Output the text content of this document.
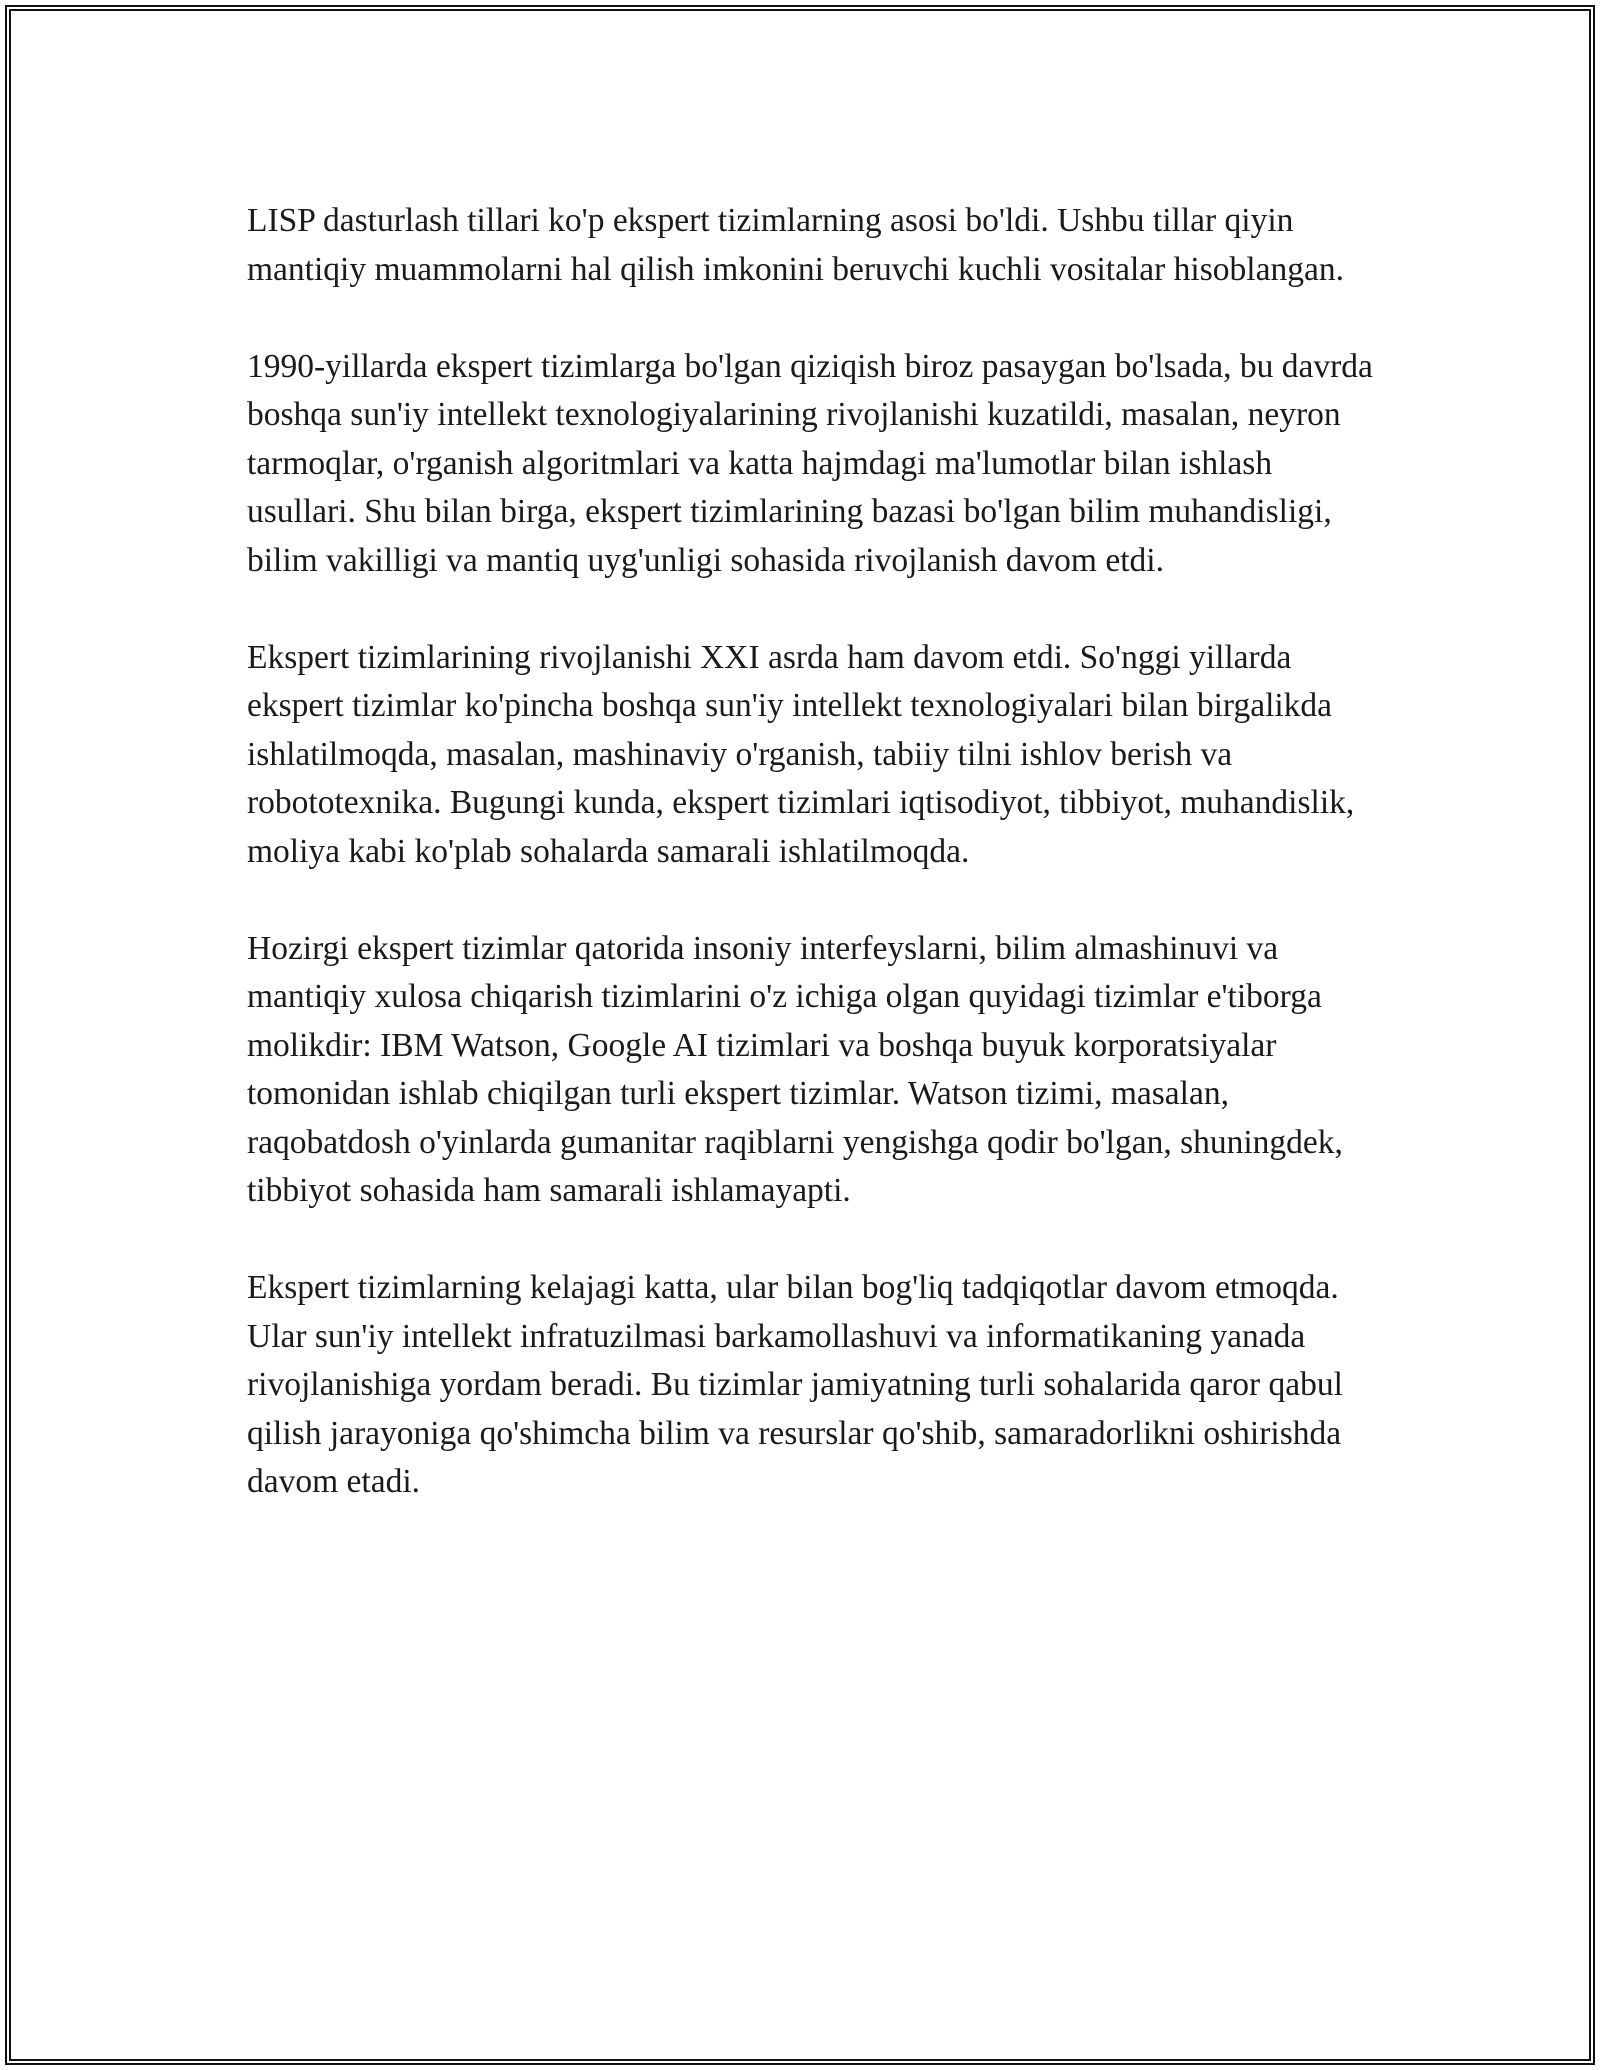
LISP dasturlash tillari ko'p ekspert tizimlarning asosi bo'ldi. Ushbu tillar qiyin mantiqiy muammolarni hal qilish imkonini beruvchi kuchli vositalar hisoblangan.

1990-yillarda ekspert tizimlarga bo'lgan qiziqish biroz pasaygan bo'lsada, bu davrda boshqa sun'iy intellekt texnologiyalarining rivojlanishi kuzatildi, masalan, neyron tarmoqlar, o'rganish algoritmlari va katta hajmdagi ma'lumotlar bilan ishlash usullari. Shu bilan birga, ekspert tizimlarining bazasi bo'lgan bilim muhandisligi, bilim vakilligi va mantiq uyg'unligi sohasida rivojlanish davom etdi.

Ekspert tizimlarining rivojlanishi XXI asrda ham davom etdi. So'nggi yillarda ekspert tizimlar ko'pincha boshqa sun'iy intellekt texnologiyalari bilan birgalikda ishlatilmoqda, masalan, mashinaviy o'rganish, tabiiy tilni ishlov berish va robototexnika. Bugungi kunda, ekspert tizimlari iqtisodiyot, tibbiyot, muhandislik, moliya kabi ko'plab sohalarda samarali ishlatilmoqda.

Hozirgi ekspert tizimlar qatorida insoniy interfeyslarni, bilim almashinuvi va mantiqiy xulosa chiqarish tizimlarini o'z ichiga olgan quyidagi tizimlar e'tiborga molikdir: IBM Watson, Google AI tizimlari va boshqa buyuk korporatsiyalar tomonidan ishlab chiqilgan turli ekspert tizimlar. Watson tizimi, masalan, raqobatdosh o'yinlarda gumanitar raqiblarni yengishga qodir bo'lgan, shuningdek, tibbiyot sohasida ham samarali ishlamayapti.

Ekspert tizimlarning kelajagi katta, ular bilan bog'liq tadqiqotlar davom etmoqda. Ular sun'iy intellekt infratuzilmasi barkamollashuvi va informatikaning yanada rivojlanishiga yordam beradi. Bu tizimlar jamiyatning turli sohalarida qaror qabul qilish jarayoniga qo'shimcha bilim va resurslar qo'shib, samaradorlikni oshirishda davom etadi.
